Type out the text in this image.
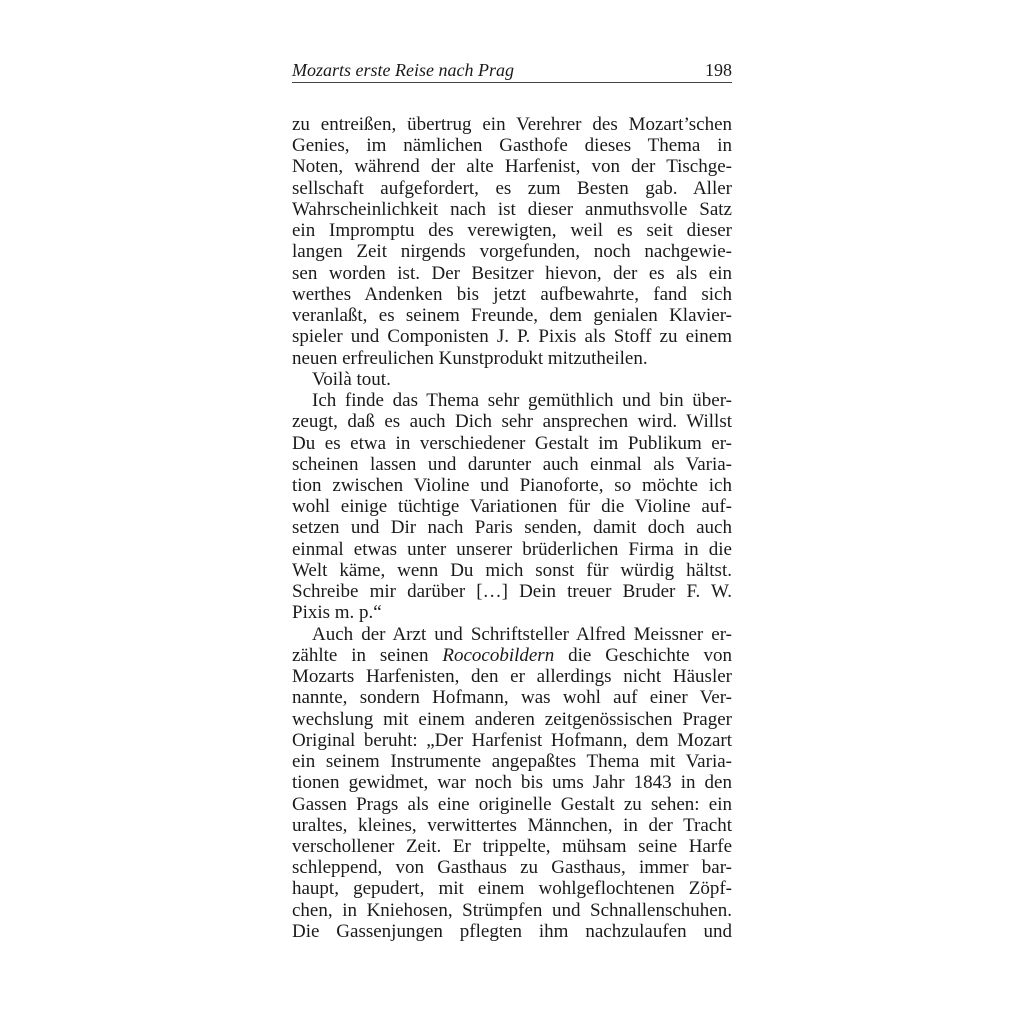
Mozarts erste Reise nach Prag	198
zu entreißen, übertrug ein Verehrer des Mozart’schen
Genies, im nämlichen Gasthofe dieses Thema in
Noten, während der alte Harfenist, von der Tischge-
sellschaft aufgefordert, es zum Besten gab. Aller
Wahrscheinlichkeit nach ist dieser anmuthsvolle Satz
ein Impromptu des verewigten, weil es seit dieser
langen Zeit nirgends vorgefunden, noch nachgewie-
sen worden ist. Der Besitzer hievon, der es als ein
werthes Andenken bis jetzt aufbewahrte, fand sich
veranlaßt, es seinem Freunde, dem genialen Klavier-
spieler und Componisten J. P. Pixis als Stoff zu einem
neuen erfreulichen Kunstprodukt mitzutheilen.
Voilà tout.
Ich finde das Thema sehr gemüthlich und bin über-
zeugt, daß es auch Dich sehr ansprechen wird. Willst
Du es etwa in verschiedener Gestalt im Publikum er-
scheinen lassen und darunter auch einmal als Varia-
tion zwischen Violine und Pianoforte, so möchte ich
wohl einige tüchtige Variationen für die Violine auf-
setzen und Dir nach Paris senden, damit doch auch
einmal etwas unter unserer brüderlichen Firma in die
Welt käme, wenn Du mich sonst für würdig hältst.
Schreibe mir darüber […] Dein treuer Bruder F. W.
Pixis m. p.“
Auch der Arzt und Schriftsteller Alfred Meissner er-
zählte in seinen Rococobildern die Geschichte von
Mozarts Harfenisten, den er allerdings nicht Häusler
nannte, sondern Hofmann, was wohl auf einer Ver-
wechslung mit einem anderen zeitgenössischen Prager
Original beruht: „Der Harfenist Hofmann, dem Mozart
ein seinem Instrumente angepaßtes Thema mit Varia-
tionen gewidmet, war noch bis ums Jahr 1843 in den
Gassen Prags als eine originelle Gestalt zu sehen: ein
uraltes, kleines, verwittertes Männchen, in der Tracht
verschollener Zeit. Er trippelte, mühsam seine Harfe
schleppend, von Gasthaus zu Gasthaus, immer bar-
haupt, gepudert, mit einem wohlgeflochtenen Zöpf-
chen, in Kniehosen, Strümpfen und Schnallenschuhen.
Die Gassenjungen pflegten ihm nachzulaufen und
